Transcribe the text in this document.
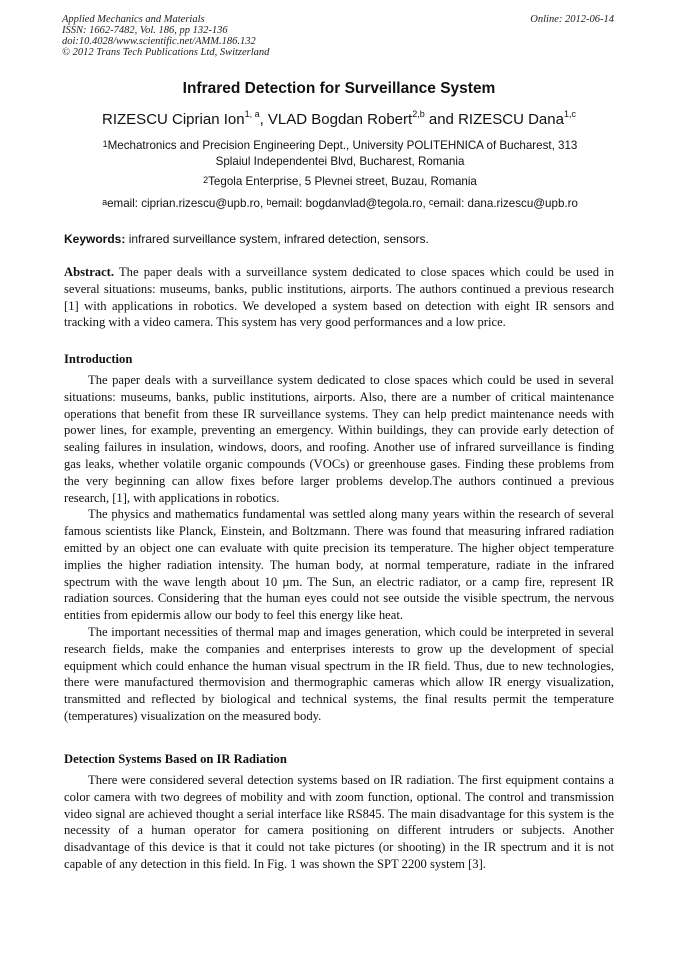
Applied Mechanics and Materials
ISSN: 1662-7482, Vol. 186, pp 132-136
doi:10.4028/www.scientific.net/AMM.186.132
© 2012 Trans Tech Publications Ltd, Switzerland
Online: 2012-06-14
Infrared Detection for Surveillance System
RIZESCU Ciprian Ion$^{1, a}$, VLAD Bogdan Robert$^{2,b}$ and RIZESCU Dana$^{1,c}$
$^1$Mechatronics and Precision Engineering Dept., University POLITEHNICA of Bucharest, 313
Splaiul Independentei Blvd, Bucharest, Romania
$^2$Tegola Enterprise, 5 Plevnei street, Buzau, Romania
$^a$email: ciprian.rizescu@upb.ro, $^b$email: bogdanvlad@tegola.ro, $^c$email: dana.rizescu@upb.ro
Keywords: infrared surveillance system, infrared detection, sensors.

Abstract. The paper deals with a surveillance system dedicated to close spaces which could be used in several situations: museums, banks, public institutions, airports. The authors continued a previous research [1] with applications in robotics. We developed a system based on detection with eight IR sensors and tracking with a video camera. This system has very good performances and a low price.

Introduction

The paper deals with a surveillance system dedicated to close spaces which could be used in several situations: museums, banks, public institutions, airports. Also, there are a number of critical maintenance operations that benefit from these IR surveillance systems. They can help predict maintenance needs with power lines, for example, preventing an emergency. Within buildings, they can provide early detection of sealing failures in insulation, windows, doors, and roofing. Another use of infrared surveillance is finding gas leaks, whether volatile organic compounds (VOCs) or greenhouse gases. Finding these problems from the very beginning can allow fixes before larger problems develop.The authors continued a previous research, [1], with applications in robotics.

The physics and mathematics fundamental was settled along many years within the research of several famous scientists like Planck, Einstein, and Boltzmann. There was found that measuring infrared radiation emitted by an object one can evaluate with quite precision its temperature. The higher object temperature implies the higher radiation intensity. The human body, at normal temperature, radiate in the infrared spectrum with the wave length about 10 µm. The Sun, an electric radiator, or a camp fire, represent IR radiation sources. Considering that the human eyes could not see outside the visible spectrum, the nervous entities from epidermis allow our body to feel this energy like heat.

The important necessities of thermal map and images generation, which could be interpreted in several research fields, make the companies and enterprises interests to grow up the development of special equipment which could enhance the human visual spectrum in the IR field. Thus, due to new technologies, there were manufactured thermovision and thermographic cameras which allow IR energy visualization, transmitted and reflected by biological and technical systems, the final results permit the temperature (temperatures) visualization on the measured body.

Detection Systems Based on IR Radiation

There were considered several detection systems based on IR radiation. The first equipment contains a color camera with two degrees of mobility and with zoom function, optional. The control and transmission video signal are achieved thought a serial interface like RS845. The main disadvantage for this system is the necessity of a human operator for camera positioning on different intruders or subjects. Another disadvantage of this device is that it could not take pictures (or shooting) in the IR spectrum and it is not capable of any detection in this field. In Fig. 1 was shown the SPT 2200 system [3].
